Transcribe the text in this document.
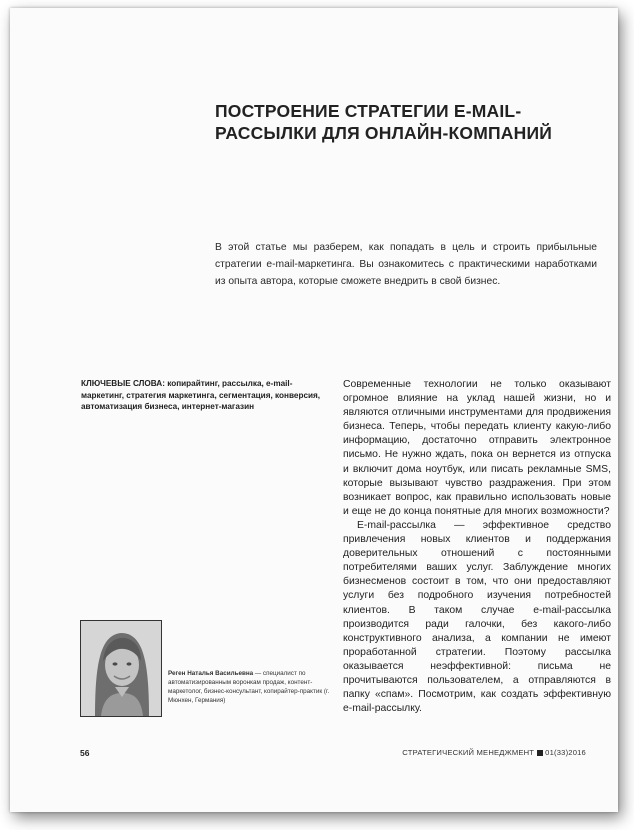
ПОСТРОЕНИЕ СТРАТЕГИИ E-MAIL-РАССЫЛКИ ДЛЯ ОНЛАЙН-КОМПАНИЙ

В этой статье мы разберем, как попадать в цель и строить прибыльные стратегии e-mail-маркетинга. Вы ознакомитесь с практическими наработками из опыта автора, которые сможете внедрить в свой бизнес.

КЛЮЧЕВЫЕ СЛОВА: копирайтинг, рассылка, e-mail-маркетинг, стратегия маркетинга, сегментация, конверсия, автоматизация бизнеса, интернет-магазин

Современные технологии не только оказывают огромное влияние на уклад нашей жизни, но и являются отличными инструментами для продвижения бизнеса. Теперь, чтобы передать клиенту какую-либо информацию, достаточно отправить электронное письмо. Не нужно ждать, пока он вернется из отпуска и включит дома ноутбук, или писать рекламные SMS, которые вызывают чувство раздражения. При этом возникает вопрос, как правильно использовать новые и еще не до конца понятные для многих возможности?

E-mail-рассылка — эффективное средство привлечения новых клиентов и поддержания доверительных отношений с постоянными потребителями ваших услуг. Заблуждение многих бизнесменов состоит в том, что они предоставляют услуги без подробного изучения потребностей клиентов. В таком случае e-mail-рассылка производится ради галочки, без какого-либо конструктивного анализа, а компании не имеют проработанной стратегии. Поэтому рассылка оказывается неэффективной: письма не прочитываются пользователем, а отправляются в папку «спам». Посмотрим, как создать эффективную e-mail-рассылку.

Реген Наталья Васильевна — специалист по автоматизированным воронкам продаж, контент-маркетолог, бизнес-консультант, копирайтер-практик (г. Мюнхен, Германия)

56	СТРАТЕГИЧЕСКИЙ МЕНЕДЖМЕНТ 01(33)2016
